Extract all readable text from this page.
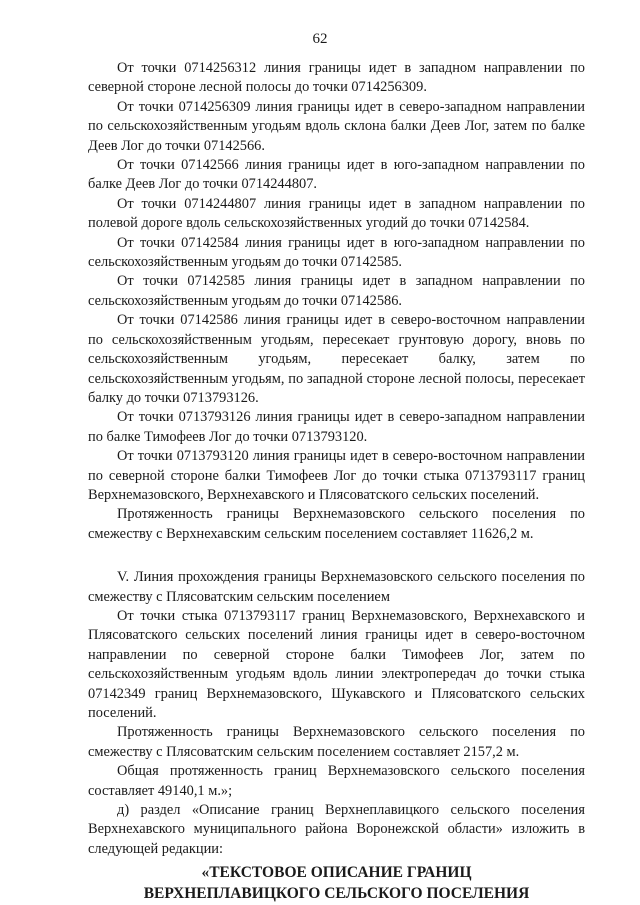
62

От точки 0714256312 линия границы идет в западном направлении по северной стороне лесной полосы до точки 0714256309.

От точки 0714256309 линия границы идет в северо-западном направлении по сельскохозяйственным угодьям вдоль склона балки Деев Лог, затем по балке Деев Лог до точки 07142566.

От точки 07142566 линия границы идет в юго-западном направлении по балке Деев Лог до точки 0714244807.

От точки 0714244807 линия границы идет в западном направлении по полевой дороге вдоль сельскохозяйственных угодий до точки 07142584.

От точки 07142584 линия границы идет в юго-западном направлении по сельскохозяйственным угодьям до точки 07142585.

От точки 07142585 линия границы идет в западном направлении по сельскохозяйственным угодьям до точки 07142586.

От точки 07142586 линия границы идет в северо-восточном направлении по сельскохозяйственным угодьям, пересекает грунтовую дорогу, вновь по сельскохозяйственным угодьям, пересекает балку, затем по сельскохозяйственным угодьям, по западной стороне лесной полосы, пересекает балку до точки 0713793126.

От точки 0713793126 линия границы идет в северо-западном направлении по балке Тимофеев Лог до точки 0713793120.

От точки 0713793120 линия границы идет в северо-восточном направлении по северной стороне балки Тимофеев Лог до точки стыка 0713793117 границ Верхнемазовского, Верхнехавского и Плясоватского сельских поселений.

Протяженность границы Верхнемазовского сельского поселения по смежеству с Верхнехавским сельским поселением составляет 11626,2 м.

V. Линия прохождения границы Верхнемазовского сельского поселения по смежеству с Плясоватским сельским поселением

От точки стыка 0713793117 границ Верхнемазовского, Верхнехавского и Плясоватского сельских поселений линия границы идет в северо-восточном направлении по северной стороне балки Тимофеев Лог, затем по сельскохозяйственным угодьям вдоль линии электропередач до точки стыка 07142349 границ Верхнемазовского, Шукавского и Плясоватского сельских поселений.

Протяженность границы Верхнемазовского сельского поселения по смежеству с Плясоватским сельским поселением составляет 2157,2 м.

Общая протяженность границ Верхнемазовского сельского поселения составляет 49140,1 м.»;

д) раздел «Описание границ Верхнеплавицкого сельского поселения Верхнехавского муниципального района Воронежской области» изложить в следующей редакции:

«ТЕКСТОВОЕ ОПИСАНИЕ ГРАНИЦ
ВЕРХНЕПЛАВИЦКОГО СЕЛЬСКОГО ПОСЕЛЕНИЯ
